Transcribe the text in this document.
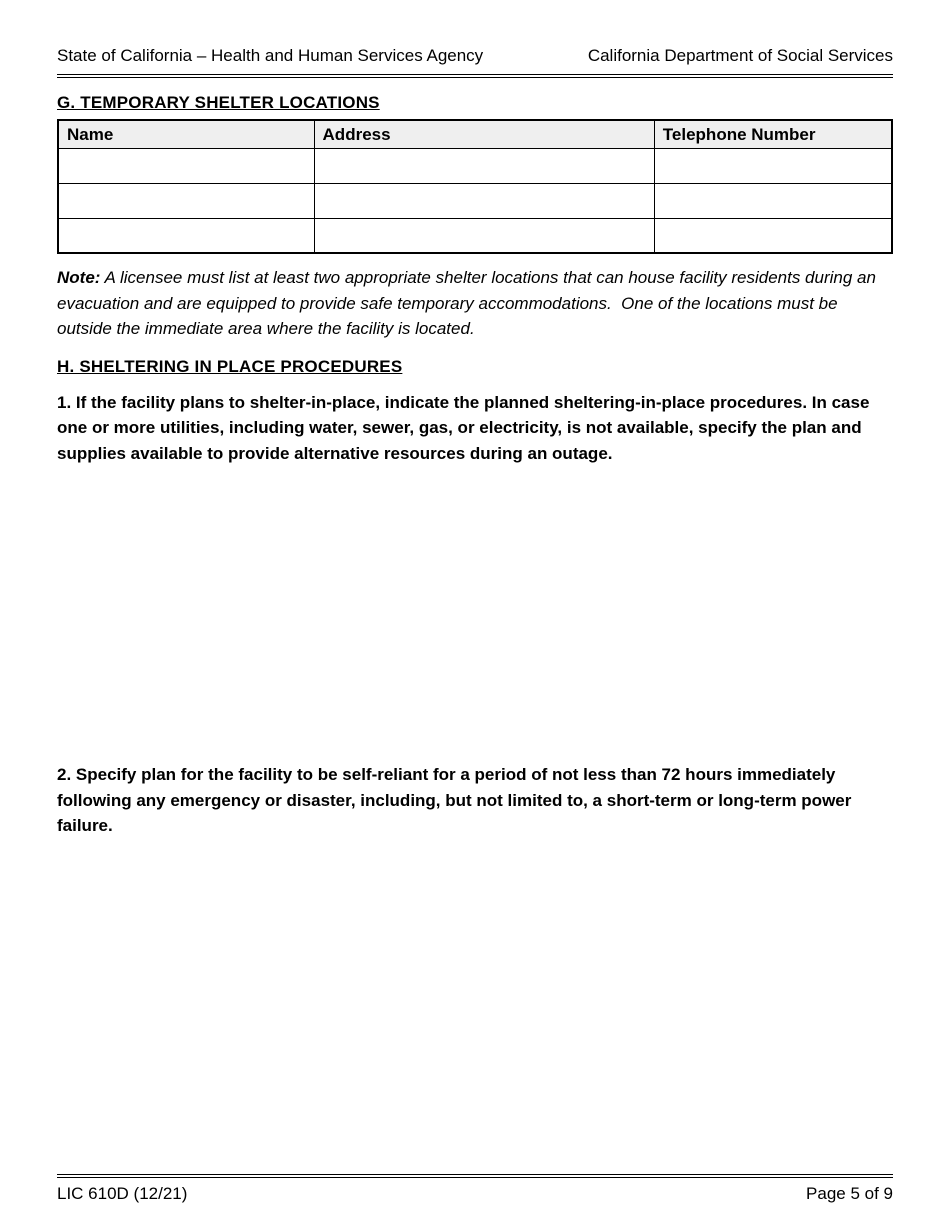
State of California – Health and Human Services Agency	California Department of Social Services
G. TEMPORARY SHELTER LOCATIONS
Name	Address	Telephone Number

Note: A licensee must list at least two appropriate shelter locations that can house facility residents during an evacuation and are equipped to provide safe temporary accommodations.  One of the locations must be outside the immediate area where the facility is located.

H. SHELTERING IN PLACE PROCEDURES

1. If the facility plans to shelter-in-place, indicate the planned sheltering-in-place procedures. In case one or more utilities, including water, sewer, gas, or electricity, is not available, specify the plan and supplies available to provide alternative resources during an outage.

2. Specify plan for the facility to be self-reliant for a period of not less than 72 hours immediately following any emergency or disaster, including, but not limited to, a short-term or long-term power failure.

LIC 610D (12/21)	Page 5 of 9
